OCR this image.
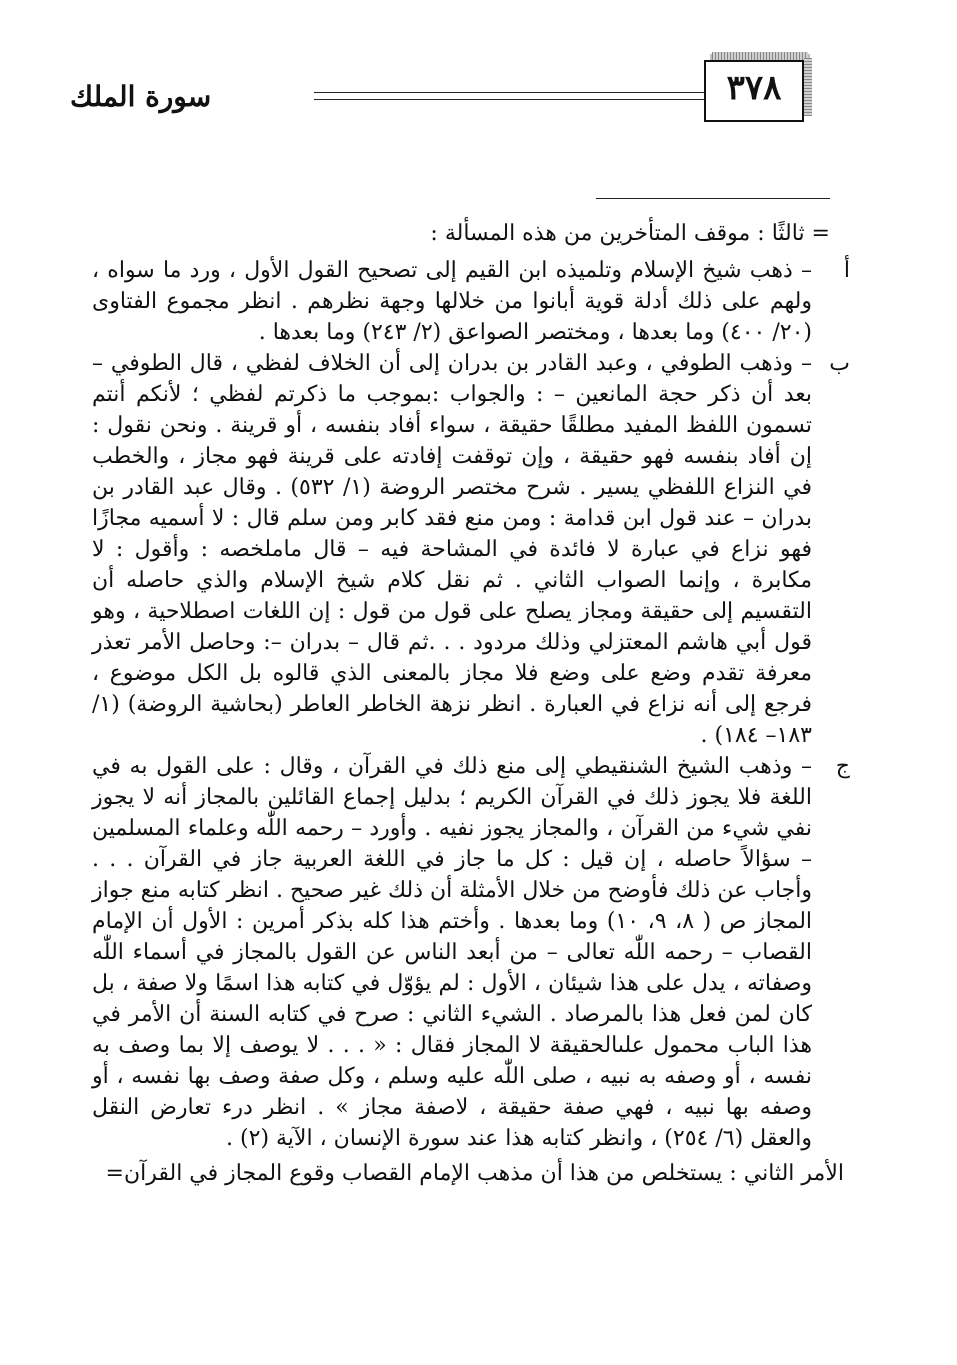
سورة الملك	٣٧٨

= ثالثًا : موقف المتأخرين من هذه المسألة :

أ

– ذهب شيخ الإسلام وتلميذه ابن القيم إلى تصحيح القول الأول ، ورد ما سواه ، ولهم على ذلك أدلة قوية أبانوا من خلالها وجهة نظرهم . انظر مجموع الفتاوى (٢٠/ ٤٠٠) وما بعدها ، ومختصر الصواعق (٢/ ٢٤٣) وما بعدها .

ب

– وذهب الطوفي ، وعبد القادر بن بدران إلى أن الخلاف لفظي ، قال الطوفي – بعد أن ذكر حجة المانعين – : والجواب :بموجب ما ذكرتم لفظي ؛ لأنكم أنتم تسمون اللفظ المفيد مطلقًا حقيقة ، سواء أفاد بنفسه ، أو قرينة . ونحن نقول : إن أفاد بنفسه فهو حقيقة ، وإن توقفت إفادته على قرينة فهو مجاز ، والخطب في النزاع اللفظي يسير . شرح مختصر الروضة (١/ ٥٣٢) . وقال عبد القادر بن بدران – عند قول ابن قدامة : ومن منع فقد كابر ومن سلم قال : لا أسميه مجازًا فهو نزاع في عبارة لا فائدة في المشاحة فيه – قال ماملخصه : وأقول : لا مكابرة ، وإنما الصواب الثاني . ثم نقل كلام شيخ الإسلام والذي حاصله أن التقسيم إلى حقيقة ومجاز يصلح على قول من قول : إن اللغات اصطلاحية ، وهو قول أبي هاشم المعتزلي وذلك مردود . . .ثم قال – بدران –: وحاصل الأمر تعذر معرفة تقدم وضع على وضع فلا مجاز بالمعنى الذي قالوه بل الكل موضوع ، فرجع إلى أنه نزاع في العبارة . انظر نزهة الخاطر العاطر (بحاشية الروضة) (١/ ١٨٣– ١٨٤) .

ج

– وذهب الشيخ الشنقيطي إلى منع ذلك في القرآن ، وقال : على القول به في اللغة فلا يجوز ذلك في القرآن الكريم ؛ بدليل إجماع القائلين بالمجاز أنه لا يجوز نفي شيء من القرآن ، والمجاز يجوز نفيه . وأورد – رحمه اللّٰه وعلماء المسلمين – سؤالاً حاصله ، إن قيل : كل ما جاز في اللغة العربية جاز في القرآن . . . وأجاب عن ذلك فأوضح من خلال الأمثلة أن ذلك غير صحيح . انظر كتابه منع جواز المجاز ص ( ٨، ٩، ١٠) وما بعدها . وأختم هذا كله بذكر أمرين : الأول أن الإمام القصاب – رحمه اللّٰه تعالى – من أبعد الناس عن القول بالمجاز في أسماء اللّٰه وصفاته ، يدل على هذا شيئان ، الأول : لم يؤوّل في كتابه هذا اسمًا ولا صفة ، بل كان لمن فعل هذا بالمرصاد . الشيء الثاني : صرح في كتابه السنة أن الأمر في هذا الباب محمول علىالحقيقة لا المجاز فقال : « . . . لا يوصف إلا بما وصف به نفسه ، أو وصفه به نبيه ، صلى اللّٰه عليه وسلم ، وكل صفة وصف بها نفسه ، أو وصفه بها نبيه ، فهي صفة حقيقة ، لاصفة مجاز » . انظر درء تعارض النقل والعقل (٦/ ٢٥٤) ، وانظر كتابه هذا عند سورة الإنسان ، الآية (٢) .

الأمر الثاني : يستخلص من هذا أن مذهب الإمام القصاب وقوع المجاز في القرآن=
